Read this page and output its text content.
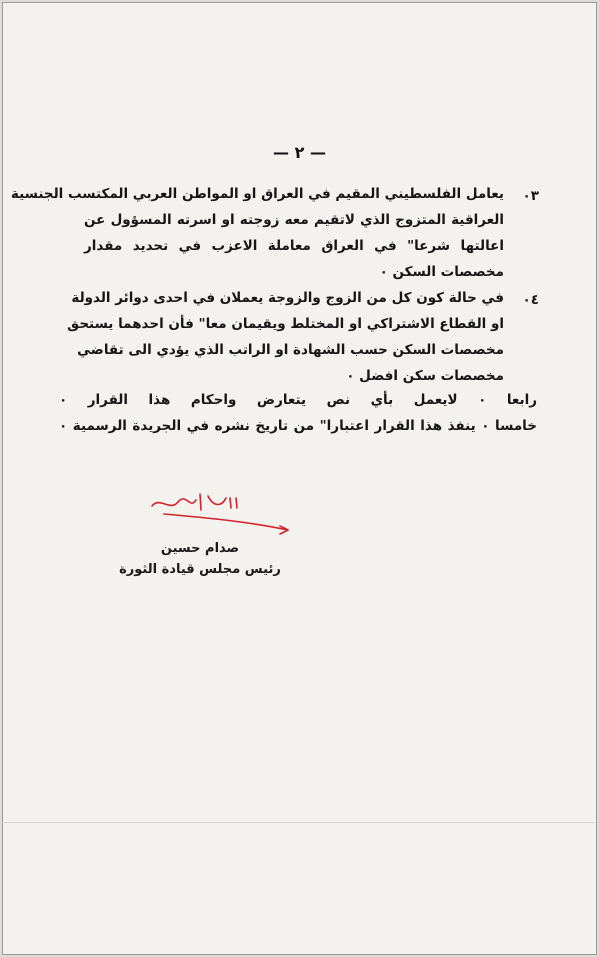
— ٢ —
٠٣
يعامل الفلسطيني المقيم في العراق او المواطن العربي المكتسب الجنسية
العراقية المتزوج الذي لاتقيم معه زوجته او اسرته المسؤول عن
اعالتها شرعا" في العراق معاملة الاعزب في تحديد مقدار
مخصصات السكن ٠
٠٤
في حالة كون كل من الزوج والزوجة يعملان في احدى دوائر الدولة
او القطاع الاشتراكي او المختلط ويقيمان معا" فأن احدهما يستحق
مخصصات السكن حسب الشهادة او الراتب الذي يؤدي الى تقاضي
مخصصات سكن افضل ٠
رابعا ٠ لايعمل بأي نص يتعارض واحكام هذا القرار ٠
خامسا ٠ ينفذ هذا القرار اعتبارا" من تاريخ نشره في الجريدة الرسمية ٠
صدام حسين
رئيس مجلس قيادة الثورة
